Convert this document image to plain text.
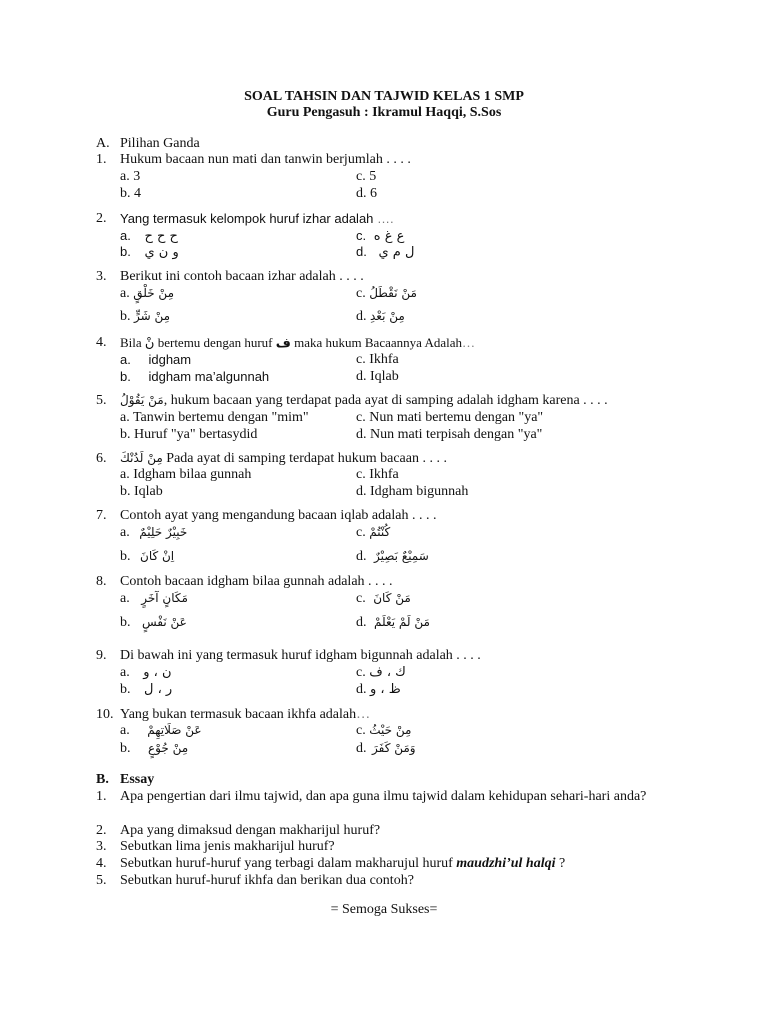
SOAL TAHSIN DAN TAJWID KELAS 1 SMP
Guru Pengasuh : Ikramul Haqqi, S.Sos
A. Pilihan Ganda
1. Hukum bacaan nun mati dan tanwin berjumlah . . . .
a. 3	c. 5
b. 4	d. 6
2.	Yang termasuk kelompok huruf izhar adalah ….
a. ح ح ح	c. ع غ ه
b. و ن ي	d. ل م ي
3. Berikut ini contoh bacaan izhar adalah . . . .
a. مِنْ خَلْقٍ	c. مَنْ نَقْطَلُ
b. مِنْ شَرٍّ	d. مِنْ بَعْدِ
4.	Bila نْ bertemu dengan huruf ف maka hukum Bacaannya Adalah…
a. idgham	c. Ikhfa
b. idgham ma’algunnah	d. Iqlab
5.	مَنْ يَقُوْلُ, hukum bacaan yang terdapat pada ayat di samping adalah idgham karena . . . .
a. Tanwin bertemu dengan "mim"	c. Nun mati bertemu dengan "ya"
b. Huruf "ya" bertasydid	d. Nun mati terpisah dengan "ya"
6.	مِنْ لَدُنْكَ Pada ayat di samping terdapat hukum bacaan . . . .
a. Idgham bilaa gunnah	c. Ikhfa
b. Iqlab	d. Idgham bigunnah
7. Contoh ayat yang mengandung bacaan iqlab adalah . . . .
a. خَبِيْرٌ حَلِيْمٌ	c. كُنْتُمْ
b. اِنْ كَانَ	d. سَمِيْعٌ بَصِيْرٌ
8. Contoh bacaan idgham bilaa gunnah adalah . . . .
a. مَكَانٍ آخَرٍ	c. مَنْ كَانَ
b. عَنْ نَفْسٍ	d. مَنْ لَمْ يَعْلَمْ
9. Di bawah ini yang termasuk huruf idgham bigunnah adalah . . . .
a. ن ، و	c. ك ، ف
b. ر ، ل	d. ظ ، و
10. Yang bukan termasuk bacaan ikhfa adalah…
a. عَنْ صَلَاتِهِمْ	c. مِنْ حَيْثُ
b. مِنْ جُوْعٍ	d. وَمَنْ كَفَرَ
B. Essay
1. Apa pengertian dari ilmu tajwid, dan apa guna ilmu tajwid dalam kehidupan sehari-hari anda?
2. Apa yang dimaksud dengan makharijul huruf?
3. Sebutkan lima jenis makharijul huruf?
4. Sebutkan huruf-huruf yang terbagi dalam makharujul huruf maudzhi’ul halqi ?
5. Sebutkan huruf-huruf ikhfa dan berikan dua contoh?
= Semoga Sukses=
